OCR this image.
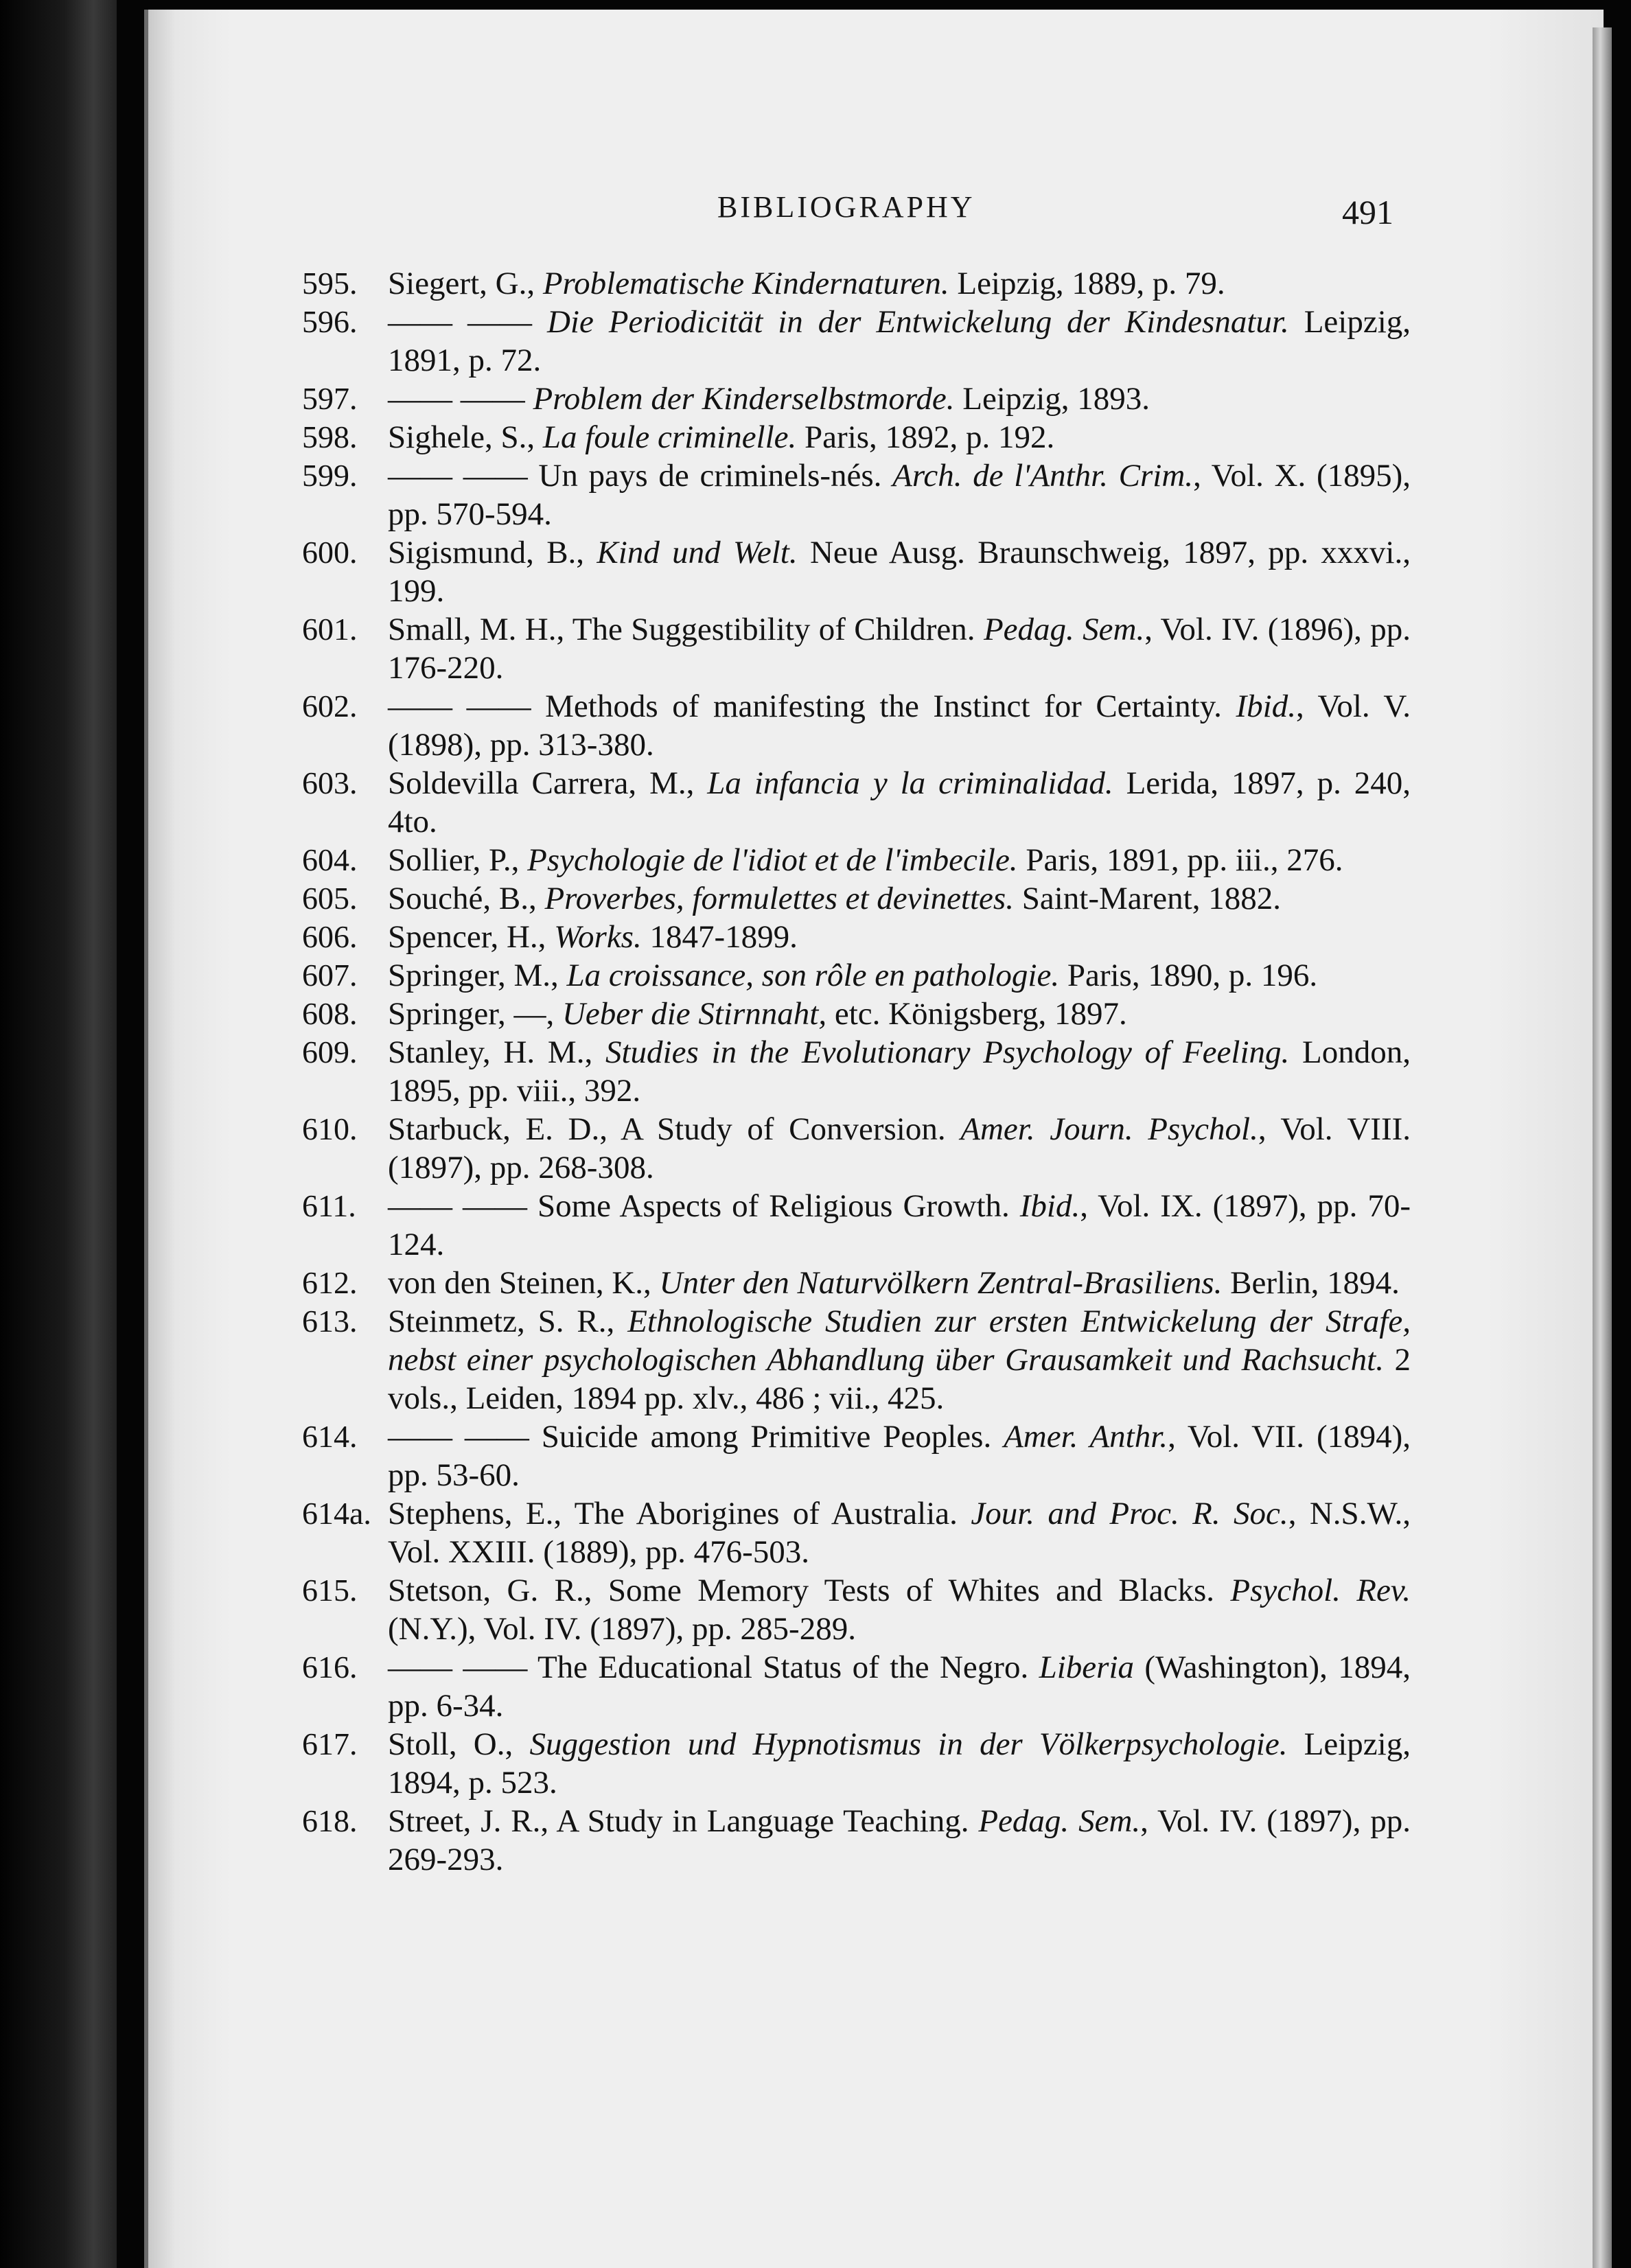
BIBLIOGRAPHY	491
595. Siegert, G., Problematische Kindernaturen. Leipzig, 1889, p. 79.
596. —— —— Die Periodicität in der Entwickelung der Kindesnatur. Leipzig, 1891, p. 72.
597. —— —— Problem der Kinderselbstmorde. Leipzig, 1893.
598. Sighele, S., La foule criminelle. Paris, 1892, p. 192.
599. —— —— Un pays de criminels-nés. Arch. de l'Anthr. Crim., Vol. X. (1895), pp. 570-594.
600. Sigismund, B., Kind und Welt. Neue Ausg. Braunschweig, 1897, pp. xxxvi., 199.
601. Small, M. H., The Suggestibility of Children. Pedag. Sem., Vol. IV. (1896), pp. 176-220.
602. —— —— Methods of manifesting the Instinct for Certainty. Ibid., Vol. V. (1898), pp. 313-380.
603. Soldevilla Carrera, M., La infancia y la criminalidad. Lerida, 1897, p. 240, 4to.
604. Sollier, P., Psychologie de l'idiot et de l'imbecile. Paris, 1891, pp. iii., 276.
605. Souché, B., Proverbes, formulettes et devinettes. Saint-Marent, 1882.
606. Spencer, H., Works. 1847-1899.
607. Springer, M., La croissance, son rôle en pathologie. Paris, 1890, p. 196.
608. Springer, —, Ueber die Stirnnaht, etc. Königsberg, 1897.
609. Stanley, H. M., Studies in the Evolutionary Psychology of Feeling. London, 1895, pp. viii., 392.
610. Starbuck, E. D., A Study of Conversion. Amer. Journ. Psychol., Vol. VIII. (1897), pp. 268-308.
611. —— —— Some Aspects of Religious Growth. Ibid., Vol. IX. (1897), pp. 70-124.
612. von den Steinen, K., Unter den Naturvölkern Zentral-Brasiliens. Berlin, 1894.
613. Steinmetz, S. R., Ethnologische Studien zur ersten Entwickelung der Strafe, nebst einer psychologischen Abhandlung über Grausamkeit und Rachsucht. 2 vols., Leiden, 1894 pp. xlv., 486 ; vii., 425.
614. —— —— Suicide among Primitive Peoples. Amer. Anthr., Vol. VII. (1894), pp. 53-60.
614a. Stephens, E., The Aborigines of Australia. Jour. and Proc. R. Soc., N.S.W., Vol. XXIII. (1889), pp. 476-503.
615. Stetson, G. R., Some Memory Tests of Whites and Blacks. Psychol. Rev. (N.Y.), Vol. IV. (1897), pp. 285-289.
616. —— —— The Educational Status of the Negro. Liberia (Washington), 1894, pp. 6-34.
617. Stoll, O., Suggestion und Hypnotismus in der Völkerpsychologie. Leipzig, 1894, p. 523.
618. Street, J. R., A Study in Language Teaching. Pedag. Sem., Vol. IV. (1897), pp. 269-293.
